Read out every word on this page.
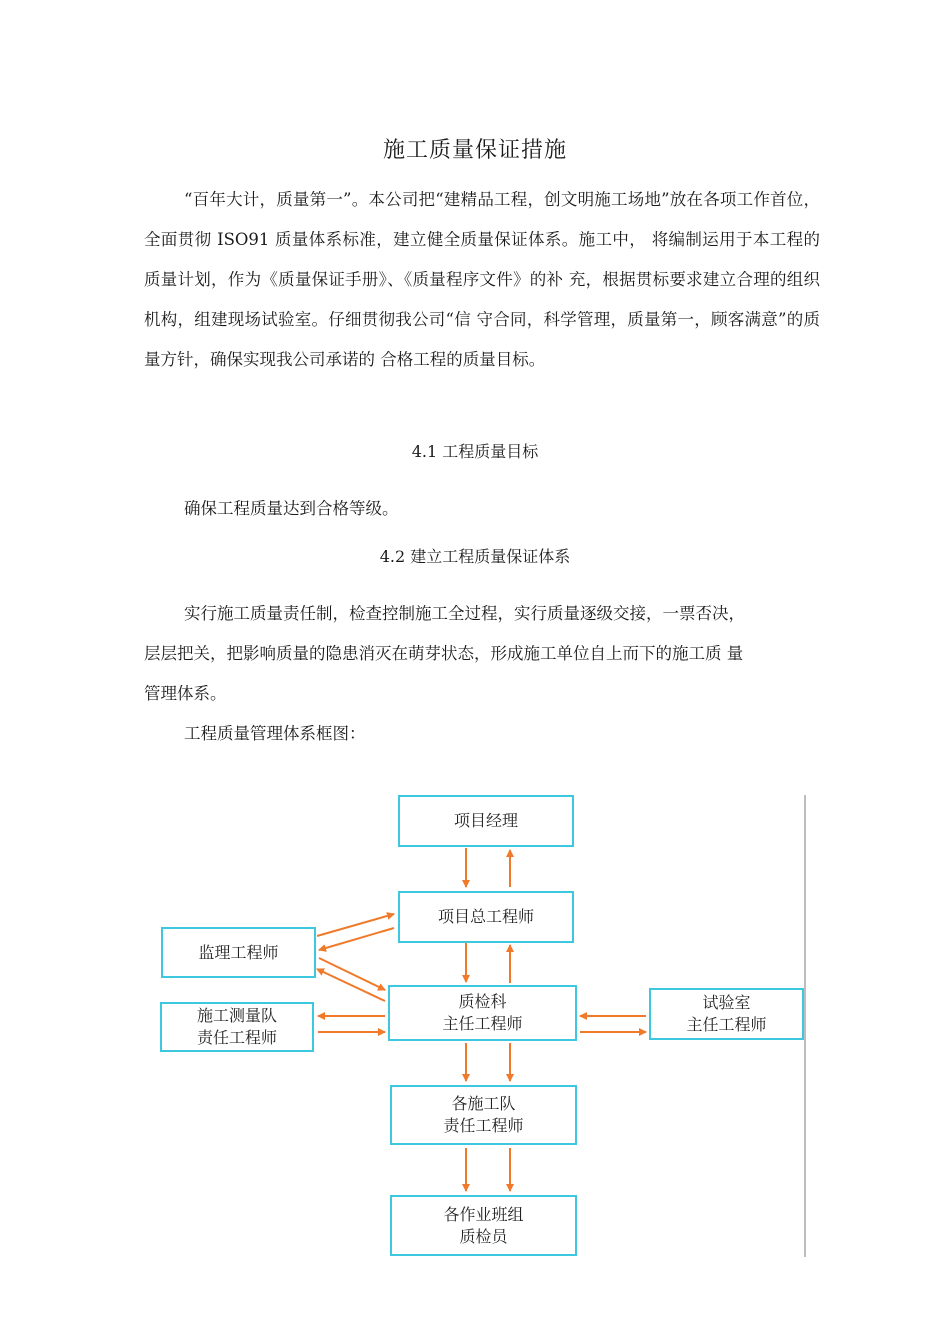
施工质量保证措施

“百年大计，质量第一”。本公司把“建精品工程，创文明施工场地”放在各项工作首位，全面贯彻 ISO91 质量体系标准，建立健全质量保证体系。施工中， 将编制运用于本工程的质量计划，作为《质量保证手册》、《质量程序文件》的补 充，根据贯标要求建立合理的组织机构，组建现场试验室。仔细贯彻我公司“信 守合同，科学管理，质量第一，顾客满意”的质量方针，确保实现我公司承诺的 合格工程的质量目标。

4.1 工程质量目标
确保工程质量达到合格等级。
4.2 建立工程质量保证体系
实行施工质量责任制，检查控制施工全过程，实行质量逐级交接，一票否决，
层层把关，把影响质量的隐患消灭在萌芽状态，形成施工单位自上而下的施工质 量
管理体系。
工程质量管理体系框图：
项目经理
项目总工程师
监理工程师
质检科
主任工程师
施工测量队
责任工程师
试验室
主任工程师
各施工队
责任工程师
各作业班组
质检员
